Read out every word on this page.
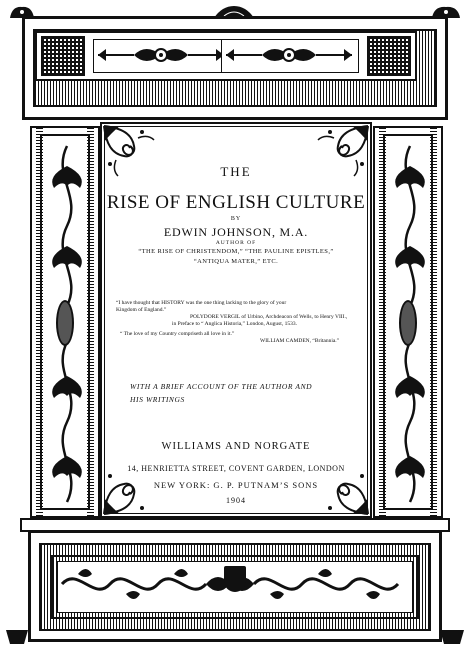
THE
RISE OF ENGLISH CULTURE
BY
EDWIN JOHNSON, M.A.
AUTHOR OF
“THE RISE OF CHRISTENDOM,” “THE PAULINE EPISTLES,”
“ANTIQUA MATER,” ETC.
“I have thought that HISTORY was the one thing lacking to the glory of your
Kingdom of England.”
POLYDORE VERGIL of Urbino, Archdeacon of Wells, to Henry VIII.,
in Preface to “ Anglica Historia,” London, August, 1533.
“ The love of my Country compriseth all love in it.”
WILLIAM CAMDEN, “Britannia.”
WITH A BRIEF ACCOUNT OF THE AUTHOR AND
HIS WRITINGS
WILLIAMS AND NORGATE
14, HENRIETTA STREET, COVENT GARDEN, LONDON
NEW YORK: G. P. PUTNAM’S SONS
1904
